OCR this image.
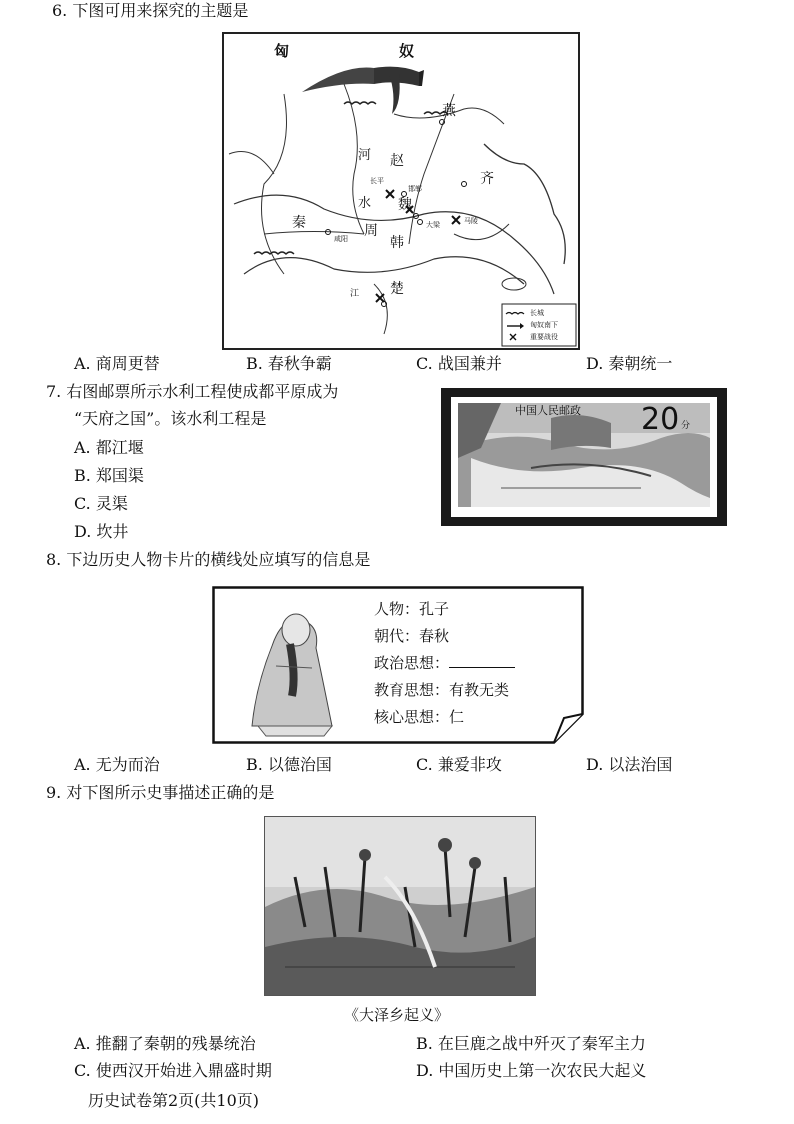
6. 下图可用来探究的主题是
匈	奴
燕
赵
齐
魏
秦	周
韩
楚
河
水
江
长平
邯郸
大梁	马陵
咸阳
长城
匈奴南下
重要战役
A. 商周更替	B. 春秋争霸	C. 战国兼并	D. 秦朝统一
7. 右图邮票所示水利工程使成都平原成为
“天府之国”。该水利工程是
A. 都江堰
B. 郑国渠
C. 灵渠
D. 坎井
中国人民邮政 20 分
8. 下边历史人物卡片的横线处应填写的信息是
人物：孔子
朝代：春秋
政治思想：
教育思想：有教无类
核心思想：仁
A. 无为而治	B. 以德治国	C. 兼爱非攻	D. 以法治国
9. 对下图所示史事描述正确的是
《大泽乡起义》
A. 推翻了秦朝的残暴统治	B. 在巨鹿之战中歼灭了秦军主力
C. 使西汉开始进入鼎盛时期	D. 中国历史上第一次农民大起义
历史试卷第2页(共10页)
